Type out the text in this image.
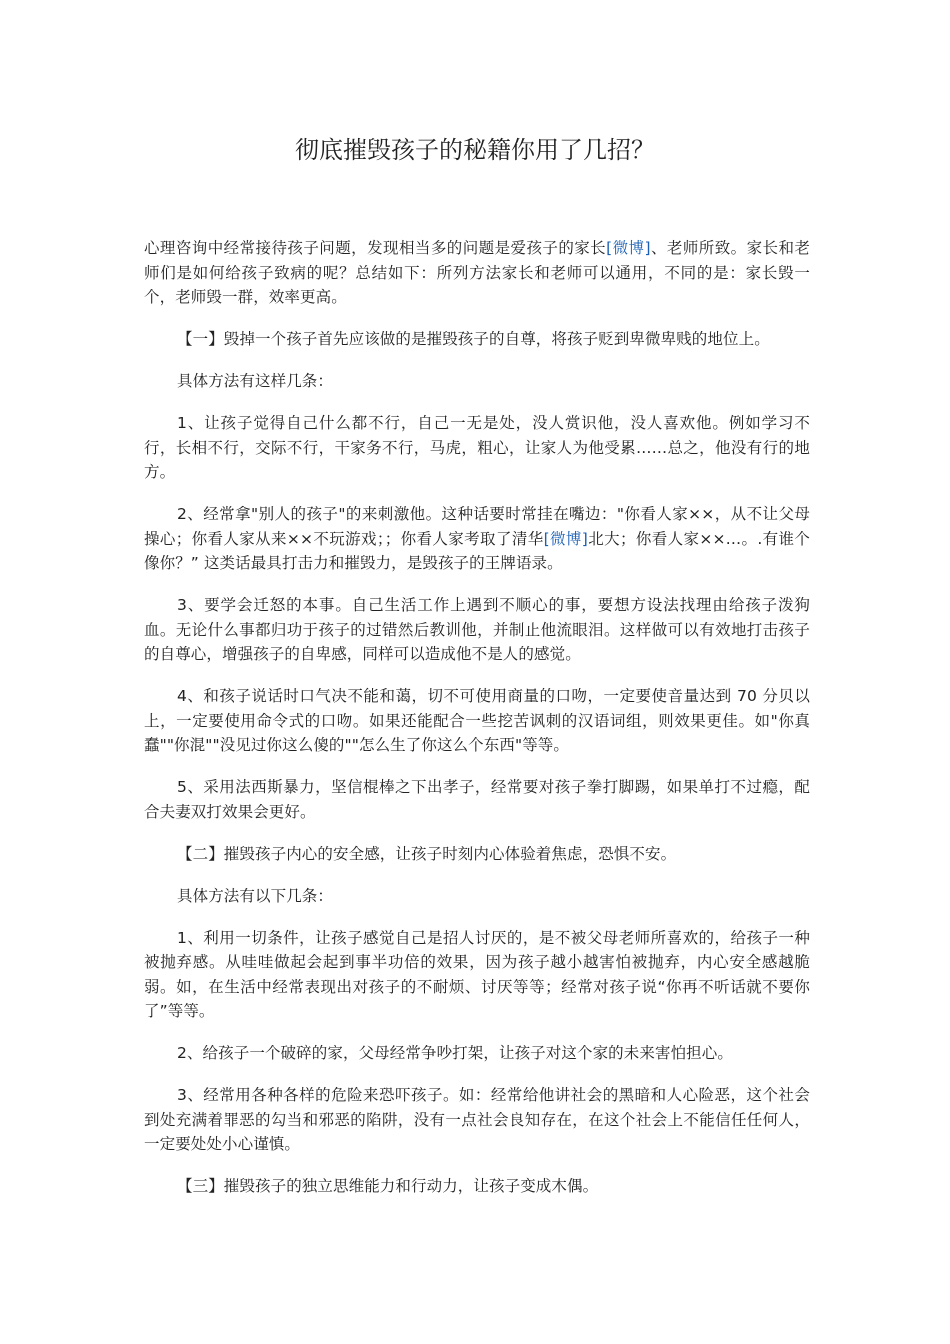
彻底摧毁孩子的秘籍你用了几招？

心理咨询中经常接待孩子问题，发现相当多的问题是爱孩子的家长[微博]、老师所致。家长和老师们是如何给孩子致病的呢？总结如下：所列方法家长和老师可以通用，不同的是：家长毁一个，老师毁一群，效率更高。

【一】毁掉一个孩子首先应该做的是摧毁孩子的自尊，将孩子贬到卑微卑贱的地位上。

具体方法有这样几条：

1、让孩子觉得自己什么都不行，自己一无是处，没人赏识他，没人喜欢他。例如学习不行，长相不行，交际不行，干家务不行，马虎，粗心，让家人为他受累……总之，他没有行的地方。

2、经常拿"别人的孩子"的来刺激他。这种话要时常挂在嘴边："你看人家××，从不让父母操心；你看人家从来××不玩游戏；；你看人家考取了清华[微博]北大；你看人家××…。.有谁个像你？” 这类话最具打击力和摧毁力，是毁孩子的王牌语录。

3、要学会迁怒的本事。自己生活工作上遇到不顺心的事，要想方设法找理由给孩子泼狗血。无论什么事都归功于孩子的过错然后教训他，并制止他流眼泪。这样做可以有效地打击孩子的自尊心，增强孩子的自卑感，同样可以造成他不是人的感觉。

4、和孩子说话时口气决不能和蔼，切不可使用商量的口吻，一定要使音量达到 70 分贝以上，一定要使用命令式的口吻。如果还能配合一些挖苦讽刺的汉语词组，则效果更佳。如"你真蠢""你混""没见过你这么傻的""怎么生了你这么个东西"等等。

5、采用法西斯暴力，坚信棍棒之下出孝子，经常要对孩子拳打脚踢，如果单打不过瘾，配合夫妻双打效果会更好。

【二】摧毁孩子内心的安全感，让孩子时刻内心体验着焦虑，恐惧不安。

具体方法有以下几条：

1、利用一切条件，让孩子感觉自己是招人讨厌的，是不被父母老师所喜欢的，给孩子一种被抛弃感。从哇哇做起会起到事半功倍的效果，因为孩子越小越害怕被抛弃，内心安全感越脆弱。如，在生活中经常表现出对孩子的不耐烦、讨厌等等；经常对孩子说“你再不听话就不要你了”等等。

2、给孩子一个破碎的家，父母经常争吵打架，让孩子对这个家的未来害怕担心。

3、经常用各种各样的危险来恐吓孩子。如：经常给他讲社会的黑暗和人心险恶，这个社会到处充满着罪恶的勾当和邪恶的陷阱，没有一点社会良知存在，在这个社会上不能信任任何人，一定要处处小心谨慎。

【三】摧毁孩子的独立思维能力和行动力，让孩子变成木偶。
